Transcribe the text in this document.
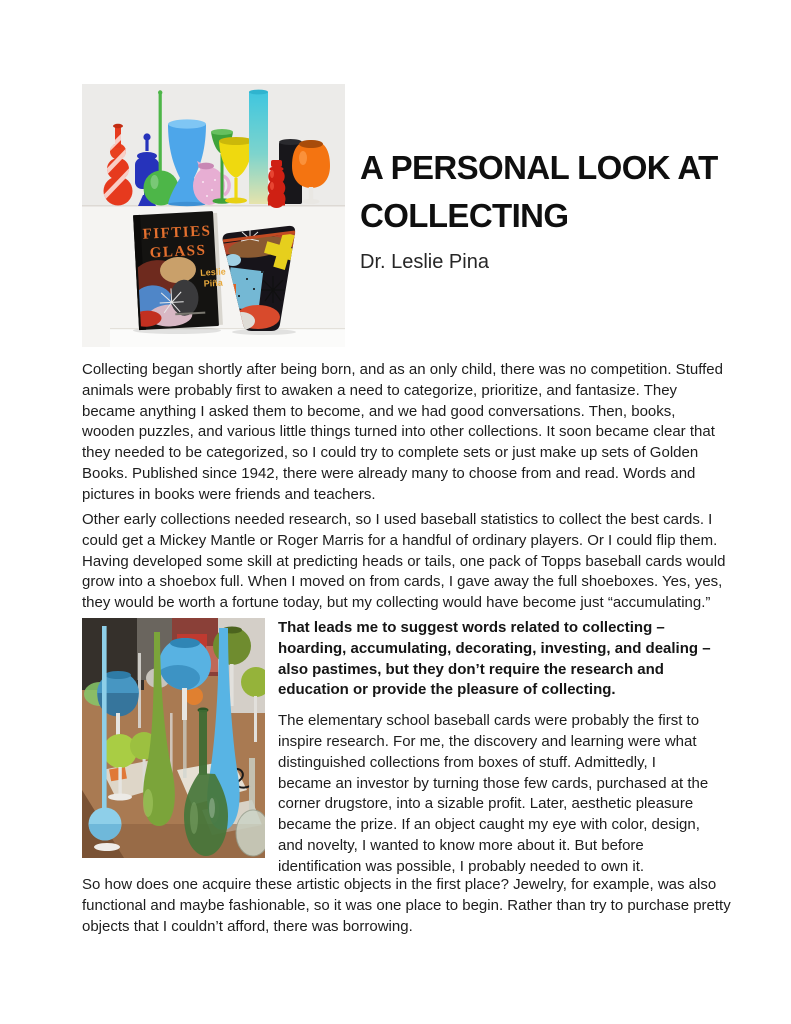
FIFTIES
GLASS
Leslie
Piña
A PERSONAL LOOK AT
COLLECTING
Dr. Leslie Pina

Collecting began shortly after being born, and as an only child, there was no competition. Stuffed animals were probably first to awaken a need to categorize, prioritize, and fantasize. They became anything I asked them to become, and we had good conversations. Then, books, wooden puzzles, and various little things turned into other collections. It soon became clear that they needed to be categorized, so I could try to complete sets or just make up sets of Golden Books. Published since 1942, there were already many to choose from and read. Words and pictures in books were friends and teachers.

Other early collections needed research, so I used baseball statistics to collect the best cards. I could get a Mickey Mantle or Roger Marris for a handful of ordinary players. Or I could flip them. Having developed some skill at predicting heads or tails, one pack of Topps baseball cards would grow into a shoebox full. When I moved on from cards, I gave away the full shoeboxes. Yes, yes, they would be worth a fortune today, but my collecting would have become just “accumulating.”

That leads me to suggest words related to collecting – hoarding, accumulating, decorating, investing, and dealing – also pastimes, but they don’t require the research and education or provide the pleasure of collecting.

The elementary school baseball cards were probably the first to inspire research. For me, the discovery and learning were what distinguished collections from boxes of stuff. Admittedly, I became an investor by turning those few cards, purchased at the corner drugstore, into a sizable profit. Later, aesthetic pleasure became the prize. If an object caught my eye with color, design, and novelty, I wanted to know more about it. But before identification was possible, I probably needed to own it.

So how does one acquire these artistic objects in the first place? Jewelry, for example, was also functional and maybe fashionable, so it was one place to begin. Rather than try to purchase pretty objects that I couldn’t afford, there was borrowing.
